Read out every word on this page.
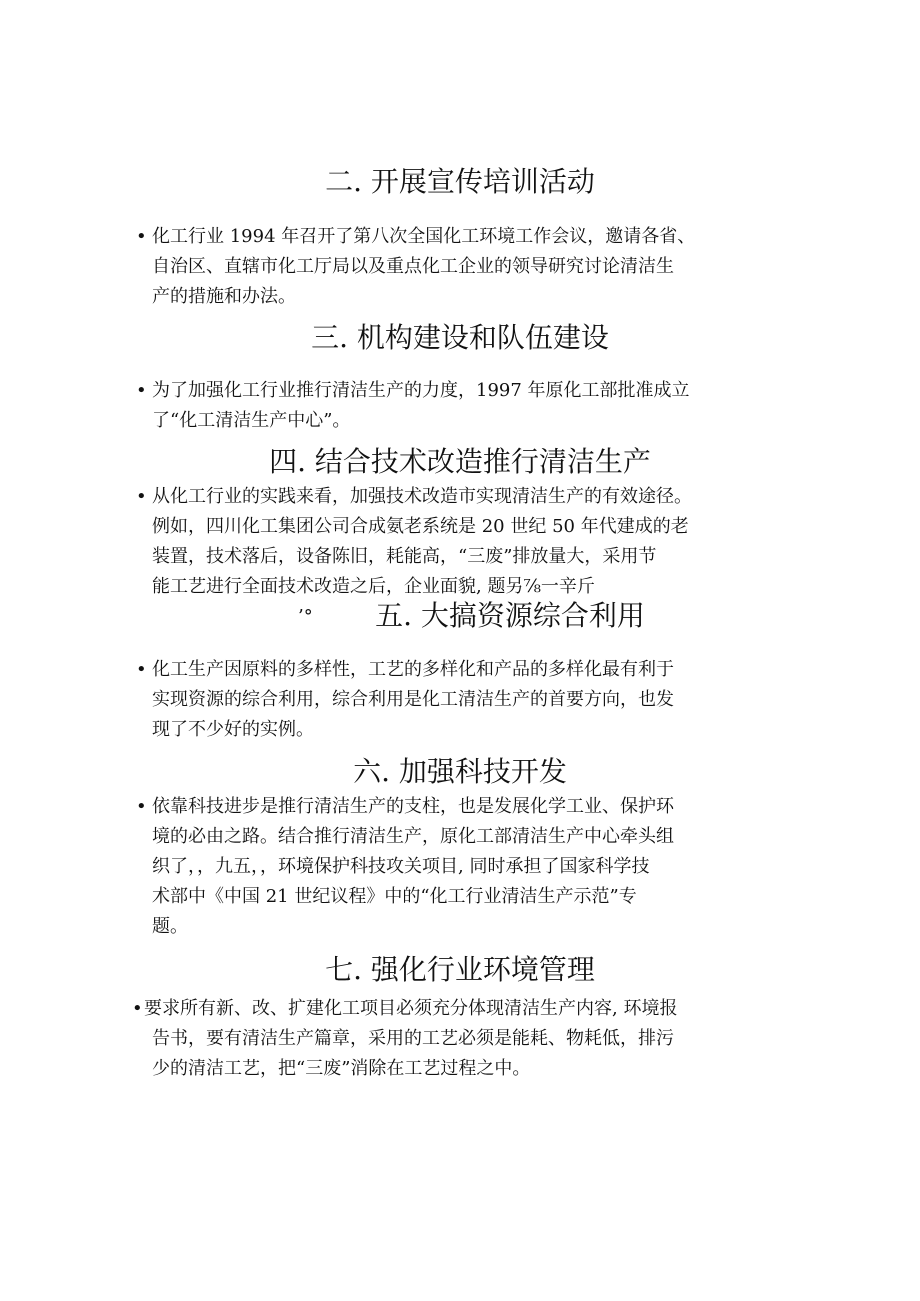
二. 开展宣传培训活动
• 化工行业 1994 年召开了第八次全国化工环境工作会议，邀请各省、
自治区、直辖市化工厅局以及重点化工企业的领导研究讨论清洁生
产的措施和办法。
三. 机构建设和队伍建设
• 为了加强化工行业推行清洁生产的力度，1997 年原化工部批准成立
了“化工清洁生产中心”。
四. 结合技术改造推行清洁生产
• 从化工行业的实践来看，加强技术改造市实现清洁生产的有效途径。
例如，四川化工集团公司合成氨老系统是 20 世纪 50 年代建成的老
装置，技术落后，设备陈旧，耗能高，“三废”排放量大，采用节
能工艺进行全面技术改造之后，企业面貌, 题另⅞一辛斤
’°	五. 大搞资源综合利用
• 化工生产因原料的多样性，工艺的多样化和产品的多样化最有利于
实现资源的综合利用，综合利用是化工清洁生产的首要方向，也发
现了不少好的实例。
六. 加强科技开发
• 依靠科技进步是推行清洁生产的支柱，也是发展化学工业、保护环
境的必由之路。结合推行清洁生产，原化工部清洁生产中心牵头组
织了，，九五，，环境保护科技攻关项目, 同时承担了国家科学技
术部中《中国 21 世纪议程》中的“化工行业清洁生产示范”专
题。
七. 强化行业环境管理
• 要求所有新、改、扩建化工项目必须充分体现清洁生产内容, 环境报
告书，要有清洁生产篇章，采用的工艺必须是能耗、物耗低，排污
少的清洁工艺，把“三废”消除在工艺过程之中。
